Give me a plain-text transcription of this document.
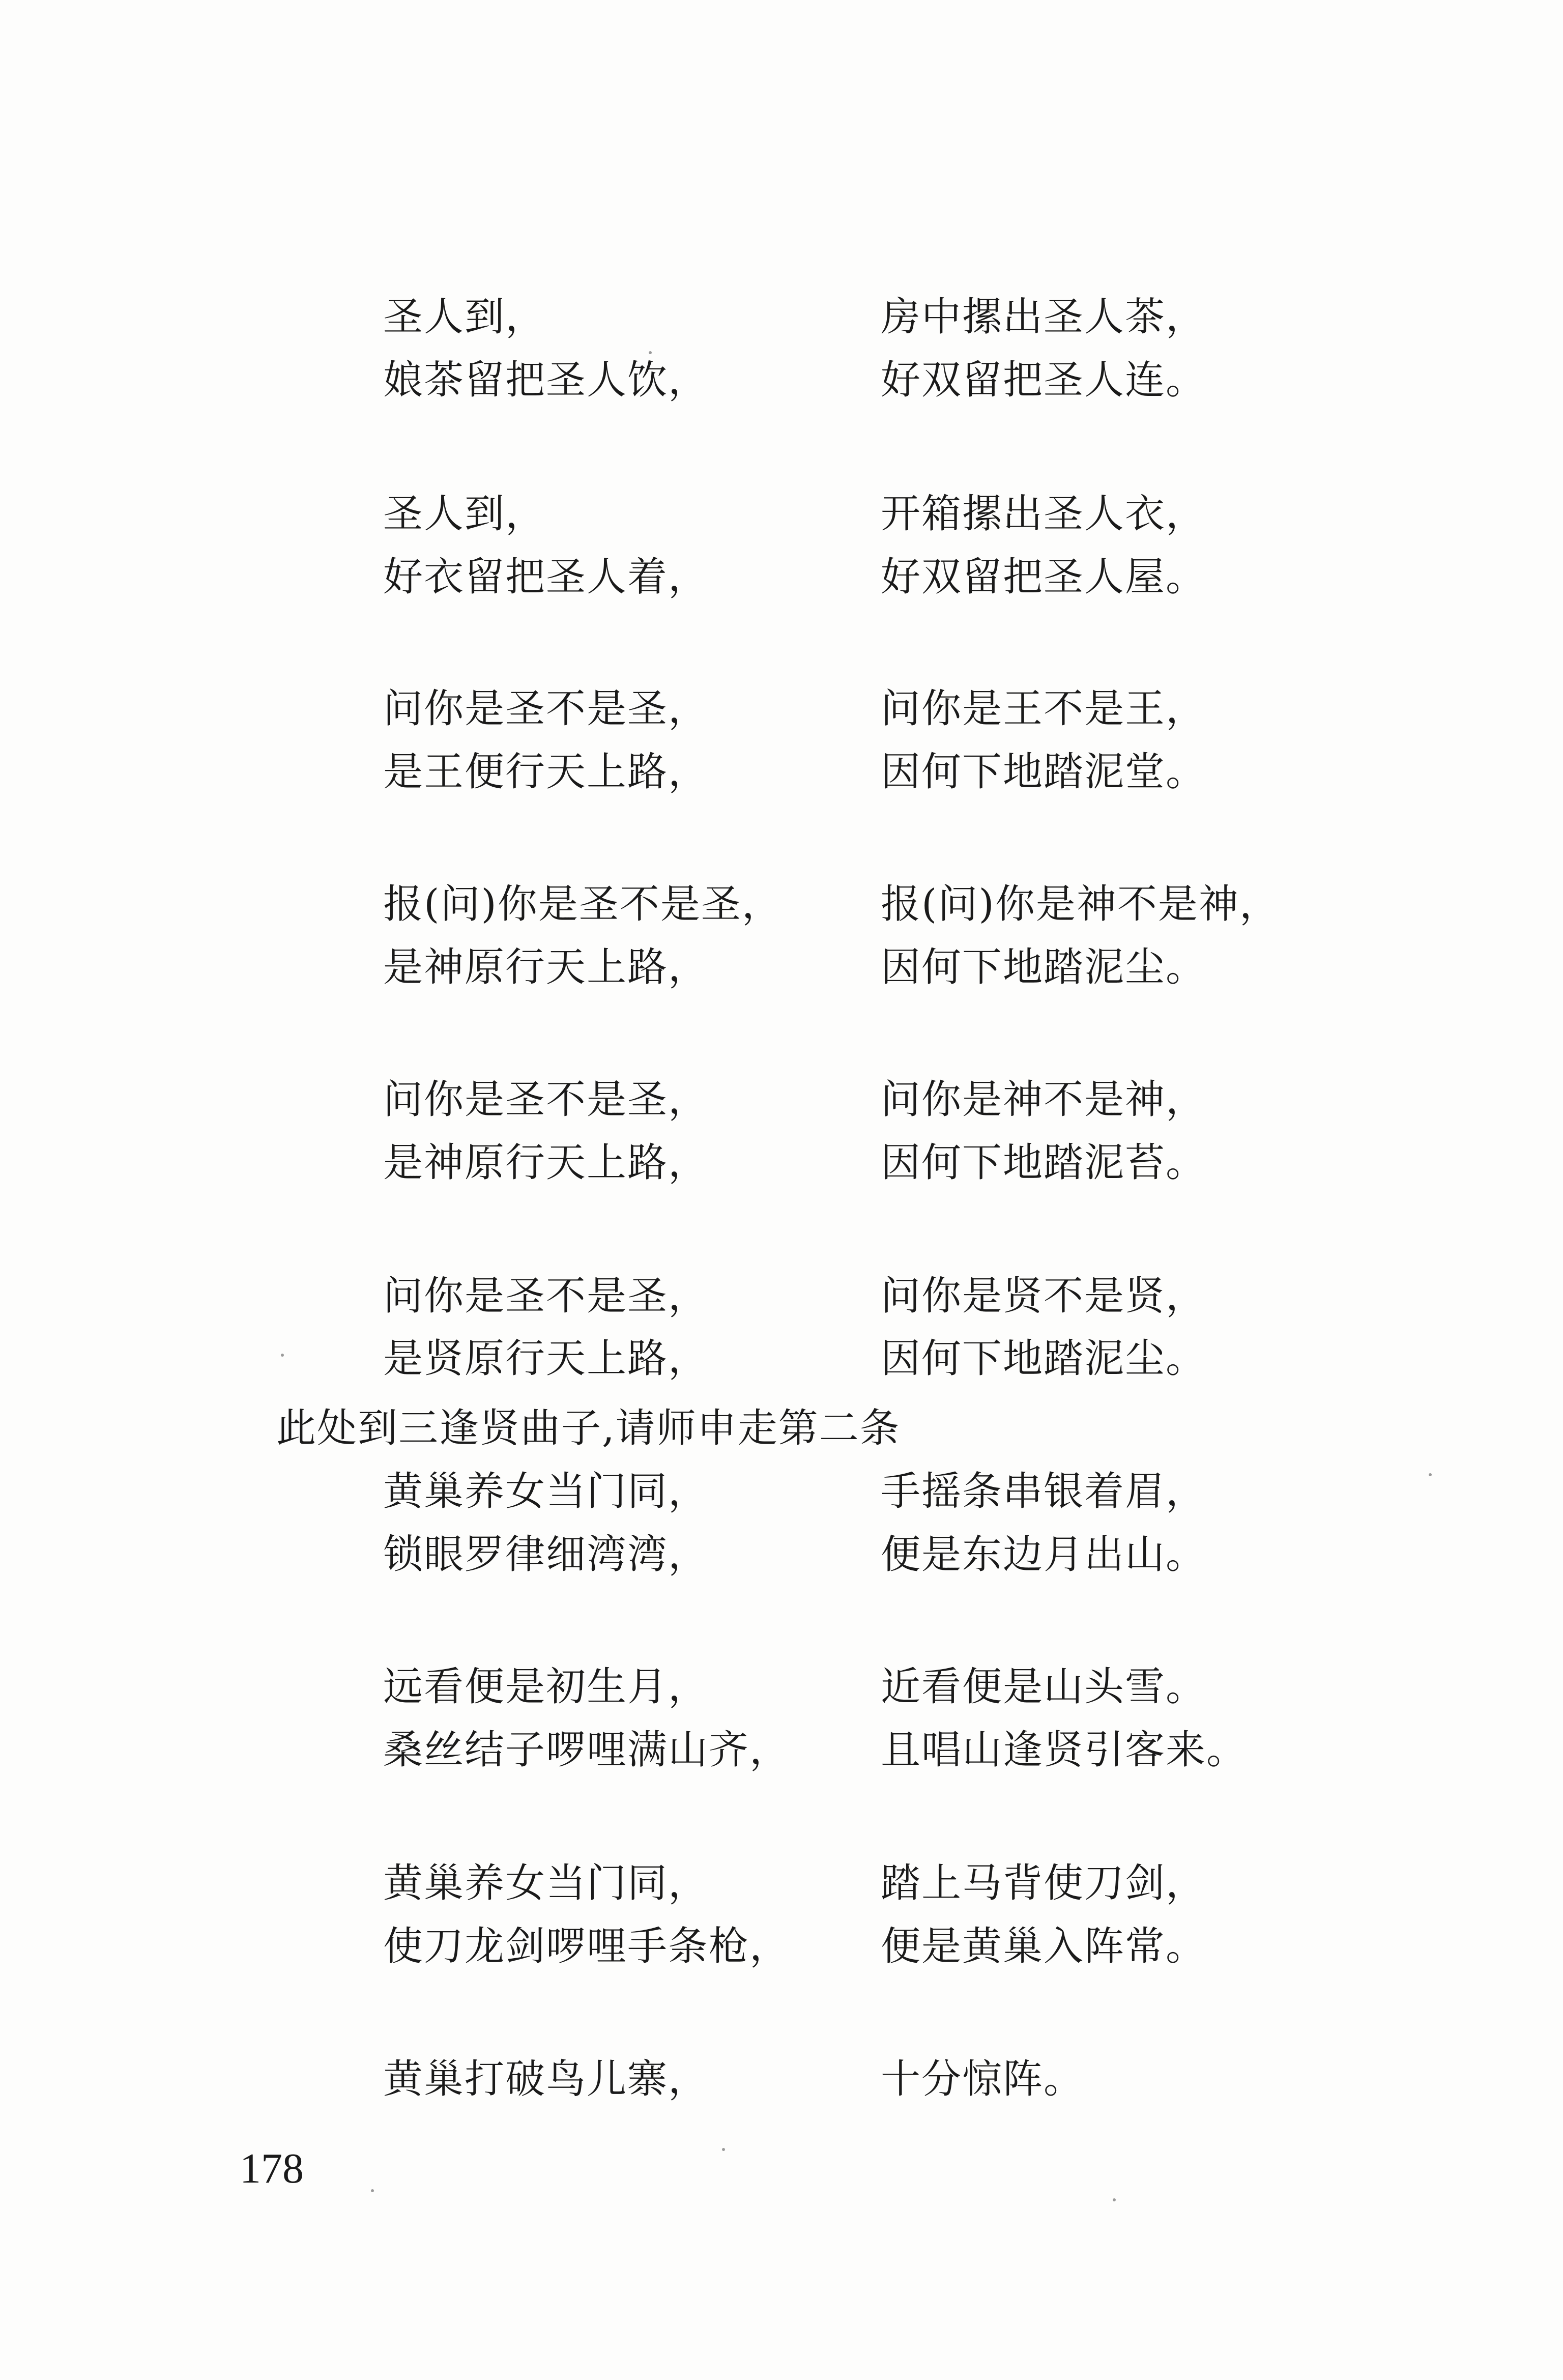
圣人到，	房中摞出圣人茶，
娘茶留把圣人饮，	好双留把圣人连。
圣人到，	开箱摞出圣人衣，
好衣留把圣人着，	好双留把圣人屋。
问你是圣不是圣，	问你是王不是王，
是王便行天上路，	因何下地踏泥堂。
报(问)你是圣不是圣， 报(问)你是神不是神，
是神原行天上路，	因何下地踏泥尘。
问你是圣不是圣，	问你是神不是神，
是神原行天上路，	因何下地踏泥苔。
问你是圣不是圣，	问你是贤不是贤，
是贤原行天上路，	因何下地踏泥尘。
此处到三逢贤曲子,请师申走第二条
黄巢养女当门同，	手摇条串银着眉，
锁眼罗律细湾湾，	便是东边月出山。
远看便是初生月，	近看便是山头雪。
桑丝结子啰哩满山齐， 且唱山逢贤引客来。
黄巢养女当门同，	踏上马背使刀剑，
使刀龙剑啰哩手条枪， 便是黄巢入阵常。
黄巢打破鸟儿寨，	十分惊阵。
178
